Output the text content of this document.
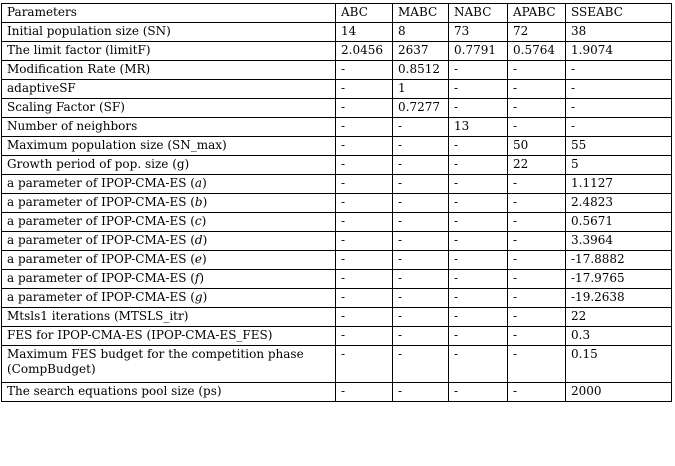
Parameters	ABC	MABC	NABC	APABC	SSEABC
Initial population size (SN)	14	8	73	72	38
The limit factor (limitF)	2.0456	2637	0.7791	0.5764	1.9074
Modification Rate (MR)	-	0.8512	-	-	-
adaptiveSF	-	1	-	-	-
Scaling Factor (SF)	-	0.7277	-	-	-
Number of neighbors	-	-	13	-	-
Maximum population size (SN_max)	-	-	-	50	55
Growth period of pop. size (g)	-	-	-	22	5
a parameter of IPOP-CMA-ES (a)	-	-	-	-	1.1127
a parameter of IPOP-CMA-ES (b)	-	-	-	-	2.4823
a parameter of IPOP-CMA-ES (c)	-	-	-	-	0.5671
a parameter of IPOP-CMA-ES (d)	-	-	-	-	3.3964
a parameter of IPOP-CMA-ES (e)	-	-	-	-	-17.8882
a parameter of IPOP-CMA-ES (f)	-	-	-	-	-17.9765
a parameter of IPOP-CMA-ES (g)	-	-	-	-	-19.2638
Mtsls1 iterations (MTSLS_itr)	-	-	-	-	22
FES for IPOP-CMA-ES (IPOP-CMA-ES_FES)	-	-	-	-	0.3
Maximum FES budget for the competition phase (CompBudget)	-	-	-	-	0.15
The search equations pool size (ps)	-	-	-	-	2000
